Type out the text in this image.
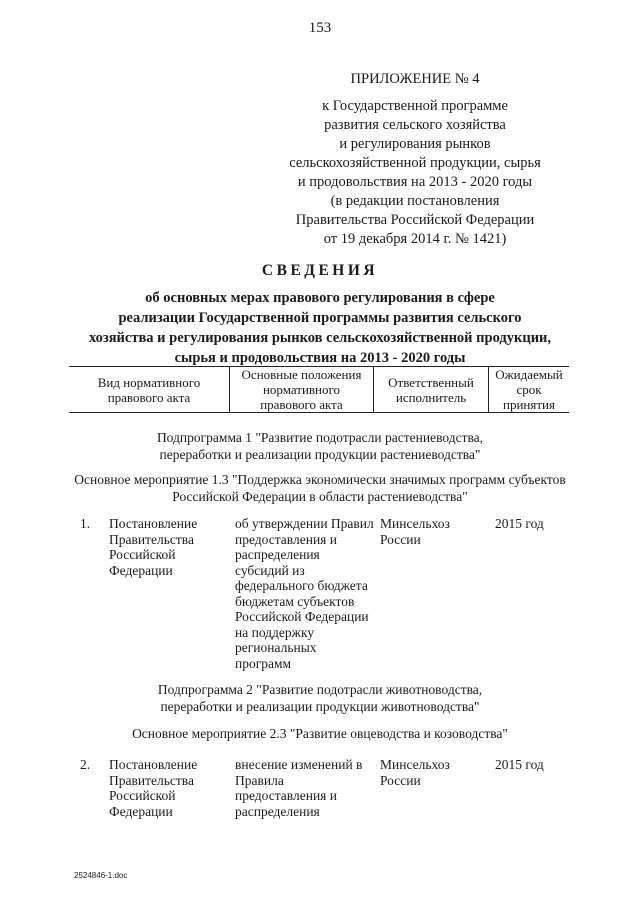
153
ПРИЛОЖЕНИЕ № 4
к Государственной программе
развития сельского хозяйства
и регулирования рынков
сельскохозяйственной продукции, сырья
и продовольствия на 2013 - 2020 годы
(в редакции постановления
Правительства Российской Федерации
от 19 декабря 2014 г. № 1421)
СВЕДЕНИЯ
об основных мерах правового регулирования в сфере
реализации Государственной программы развития сельского
хозяйства и регулирования рынков сельскохозяйственной продукции,
сырья и продовольствия на 2013 - 2020 годы
Вид нормативного
правового акта
Основные положения
нормативного
правового акта
Ответственный
исполнитель
Ожидаемый
срок
принятия
Подпрограмма 1 "Развитие подотрасли растениеводства,
переработки и реализации продукции растениеводства"
Основное мероприятие 1.3 "Поддержка экономически значимых программ субъектов
Российской Федерации в области растениеводства"
1. Постановление
Правительства
Российской
Федерации
об утверждении Правил
предоставления и
распределения
субсидий из
федерального бюджета
бюджетам субъектов
Российской Федерации
на поддержку
региональных
программ
Минсельхоз
России
2015 год
Подпрограмма 2 "Развитие подотрасли животноводства,
переработки и реализации продукции животноводства"
Основное мероприятие 2.3 "Развитие овцеводства и козоводства"
2. Постановление
Правительства
Российской
Федерации
внесение изменений в
Правила
предоставления и
распределения
Минсельхоз
России
2015 год
2524846-1.doc
